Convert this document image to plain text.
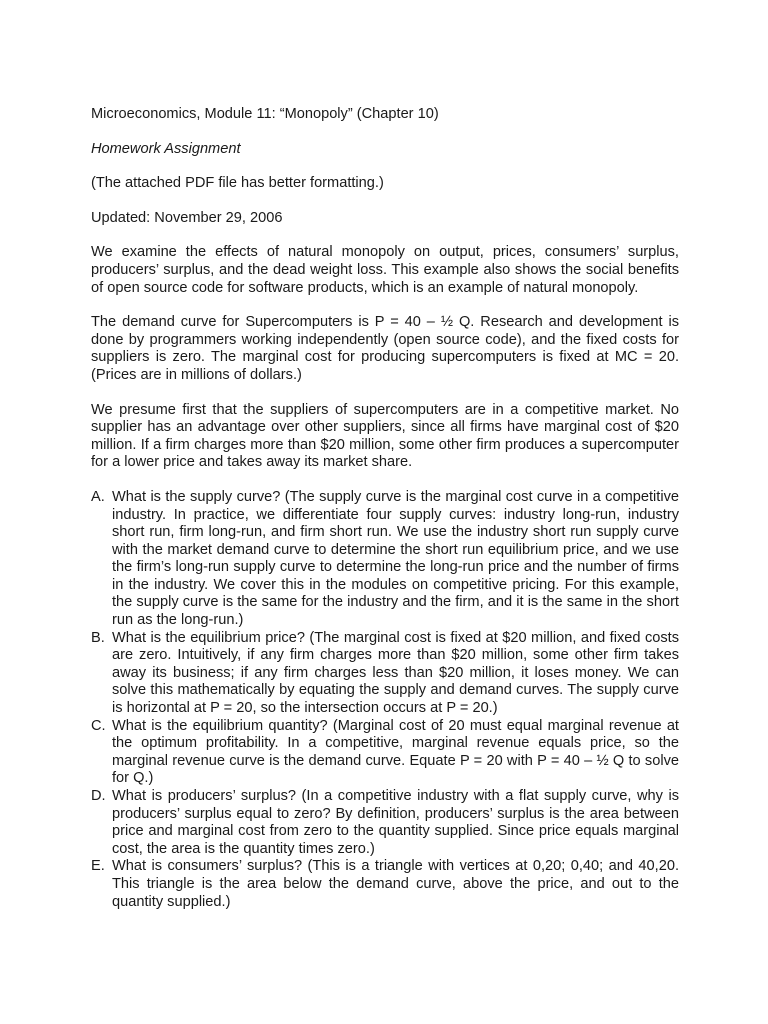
Microeconomics, Module 11: “Monopoly” (Chapter 10)

Homework Assignment

(The attached PDF file has better formatting.)

Updated: November 29, 2006

We examine the effects of natural monopoly on output, prices, consumers’ surplus, producers’ surplus, and the dead weight loss. This example also shows the social benefits of open source code for software products, which is an example of natural monopoly.

The demand curve for Supercomputers is P = 40 – ½ Q. Research and development is done by programmers working independently (open source code), and the fixed costs for suppliers is zero. The marginal cost for producing supercomputers is fixed at MC = 20. (Prices are in millions of dollars.)

We presume first that the suppliers of supercomputers are in a competitive market. No supplier has an advantage over other suppliers, since all firms have marginal cost of $20 million. If a firm charges more than $20 million, some other firm produces a supercomputer for a lower price and takes away its market share.

A. What is the supply curve? (The supply curve is the marginal cost curve in a competitive industry. In practice, we differentiate four supply curves: industry long-run, industry short run, firm long-run, and firm short run. We use the industry short run supply curve with the market demand curve to determine the short run equilibrium price, and we use the firm’s long-run supply curve to determine the long-run price and the number of firms in the industry. We cover this in the modules on competitive pricing. For this example, the supply curve is the same for the industry and the firm, and it is the same in the short run as the long-run.)
B. What is the equilibrium price? (The marginal cost is fixed at $20 million, and fixed costs are zero. Intuitively, if any firm charges more than $20 million, some other firm takes away its business; if any firm charges less than $20 million, it loses money. We can solve this mathematically by equating the supply and demand curves. The supply curve is horizontal at P = 20, so the intersection occurs at P = 20.)
C. What is the equilibrium quantity? (Marginal cost of 20 must equal marginal revenue at the optimum profitability. In a competitive, marginal revenue equals price, so the marginal revenue curve is the demand curve. Equate P = 20 with P = 40 – ½ Q to solve for Q.)
D. What is producers’ surplus? (In a competitive industry with a flat supply curve, why is producers’ surplus equal to zero? By definition, producers’ surplus is the area between price and marginal cost from zero to the quantity supplied. Since price equals marginal cost, the area is the quantity times zero.)
E. What is consumers’ surplus? (This is a triangle with vertices at 0,20; 0,40; and 40,20. This triangle is the area below the demand curve, above the price, and out to the quantity supplied.)
